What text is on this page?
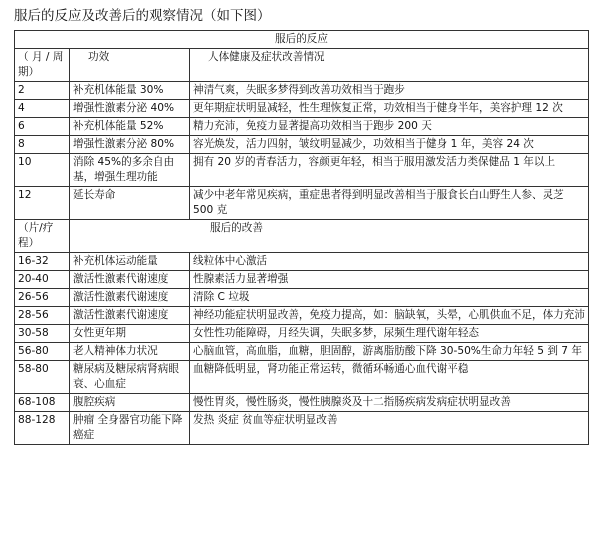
服后的反应及改善后的观察情况（如下图）
服后的反应		
（ 月 / 周 期）	功效	人体健康及症状改善情况
2	补充机体能量 30%	神清气爽，失眠多梦得到改善功效相当于跑步
4	增强性激素分泌 40%	更年期症状明显减轻，性生理恢复正常，功效相当于健身半年，美容护理 12 次
6	补充机体能量 52%	精力充沛，免疫力显著提高功效相当于跑步 200 天
8	增强性激素分泌 80%	容光焕发，活力四射，皱纹明显减少，功效相当于健身 1 年，美容 24 次
10	消除 45%的多余自由基，增强生理功能	拥有 20 岁的青春活力，容颜更年轻，相当于服用激发活力类保健品 1 年以上
12	延长寿命	减少中老年常见疾病，重症患者得到明显改善相当于服食长白山野生人参、灵芝 500 克
（片/疗程）	服后的改善	
16-32	补充机体运动能量	线粒体中心激活
20-40	激活性激素代谢速度	性腺素活力显著增强
26-56	激活性激素代谢速度	清除 C 垃圾
28-56	激活性激素代谢速度	神经功能症状明显改善，免疫力提高，如：脑缺氧，头晕，心肌供血不足，体力充沛
30-58	女性更年期	女性性功能障碍，月经失调，失眠多梦，尿频生理代谢年轻态
56-80	老人精神体力状况	心脑血管，高血脂，血糖，胆固醇，游离脂肪酸下降 30-50%生命力年轻 5 到 7 年
58-80	糖尿病及糖尿病肾病眼衰、心血症	血糖降低明显，肾功能正常运转，微循环畅通心血代谢平稳
68-108	腹腔疾病	慢性胃炎，慢性肠炎，慢性胰腺炎及十二指肠疾病发病症状明显改善
88-128	肿瘤 全身器官功能下降癌症	发热 炎症 贫血等症状明显改善
